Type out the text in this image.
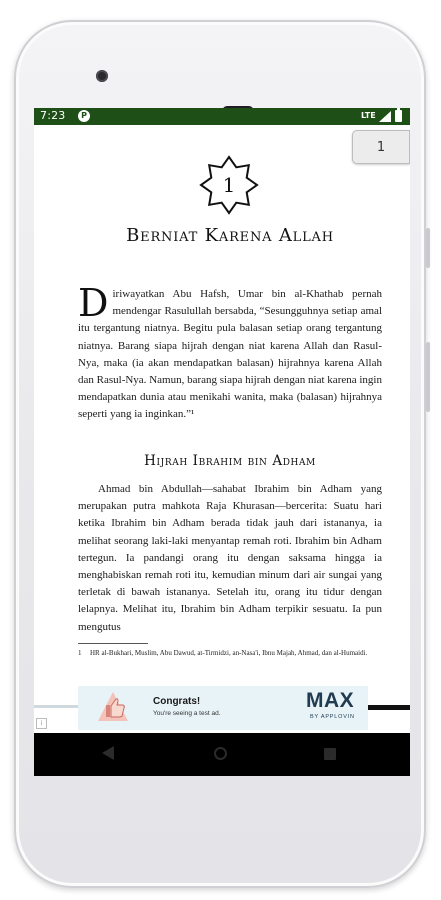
7:23	P	LTE
1
1
Berniat Karena Allah
Diriwayatkan Abu Hafsh, Umar bin al-Khathab pernah mendengar Rasulullah bersabda, “Sesungguhnya setiap amal itu tergantung niatnya. Begitu pula balasan setiap orang tergantung niatnya. Barang siapa hijrah dengan niat karena Allah dan Rasul-Nya, maka (ia akan mendapatkan balasan) hijrahnya karena Allah dan Rasul-Nya. Namun, barang siapa hijrah dengan niat karena ingin mendapatkan dunia atau menikahi wanita, maka (balasan) hijrahnya seperti yang ia inginkan.”¹
Hijrah Ibrahim bin Adham
Ahmad bin Abdullah—sahabat Ibrahim bin Adham yang merupakan putra mahkota Raja Khurasan—bercerita: Suatu hari ketika Ibrahim bin Adham berada tidak jauh dari istananya, ia melihat seorang laki-laki menyantap remah roti. Ibrahim bin Adham tertegun. Ia pandangi orang itu dengan saksama hingga ia menghabiskan remah roti itu, kemudian minum dari air sungai yang terletak di bawah istananya. Setelah itu, orang itu tidur dengan lelapnya. Melihat itu, Ibrahim bin Adham terpikir sesuatu. Ia pun mengutus
1	HR al-Bukhari, Muslim, Abu Dawud, at-Tirmidzi, an-Nasa'i, Ibnu Majah, Ahmad, dan al-Humaidi.
i
Congrats!
You're seeing a test ad.
MAX
BY APPLOVIN
